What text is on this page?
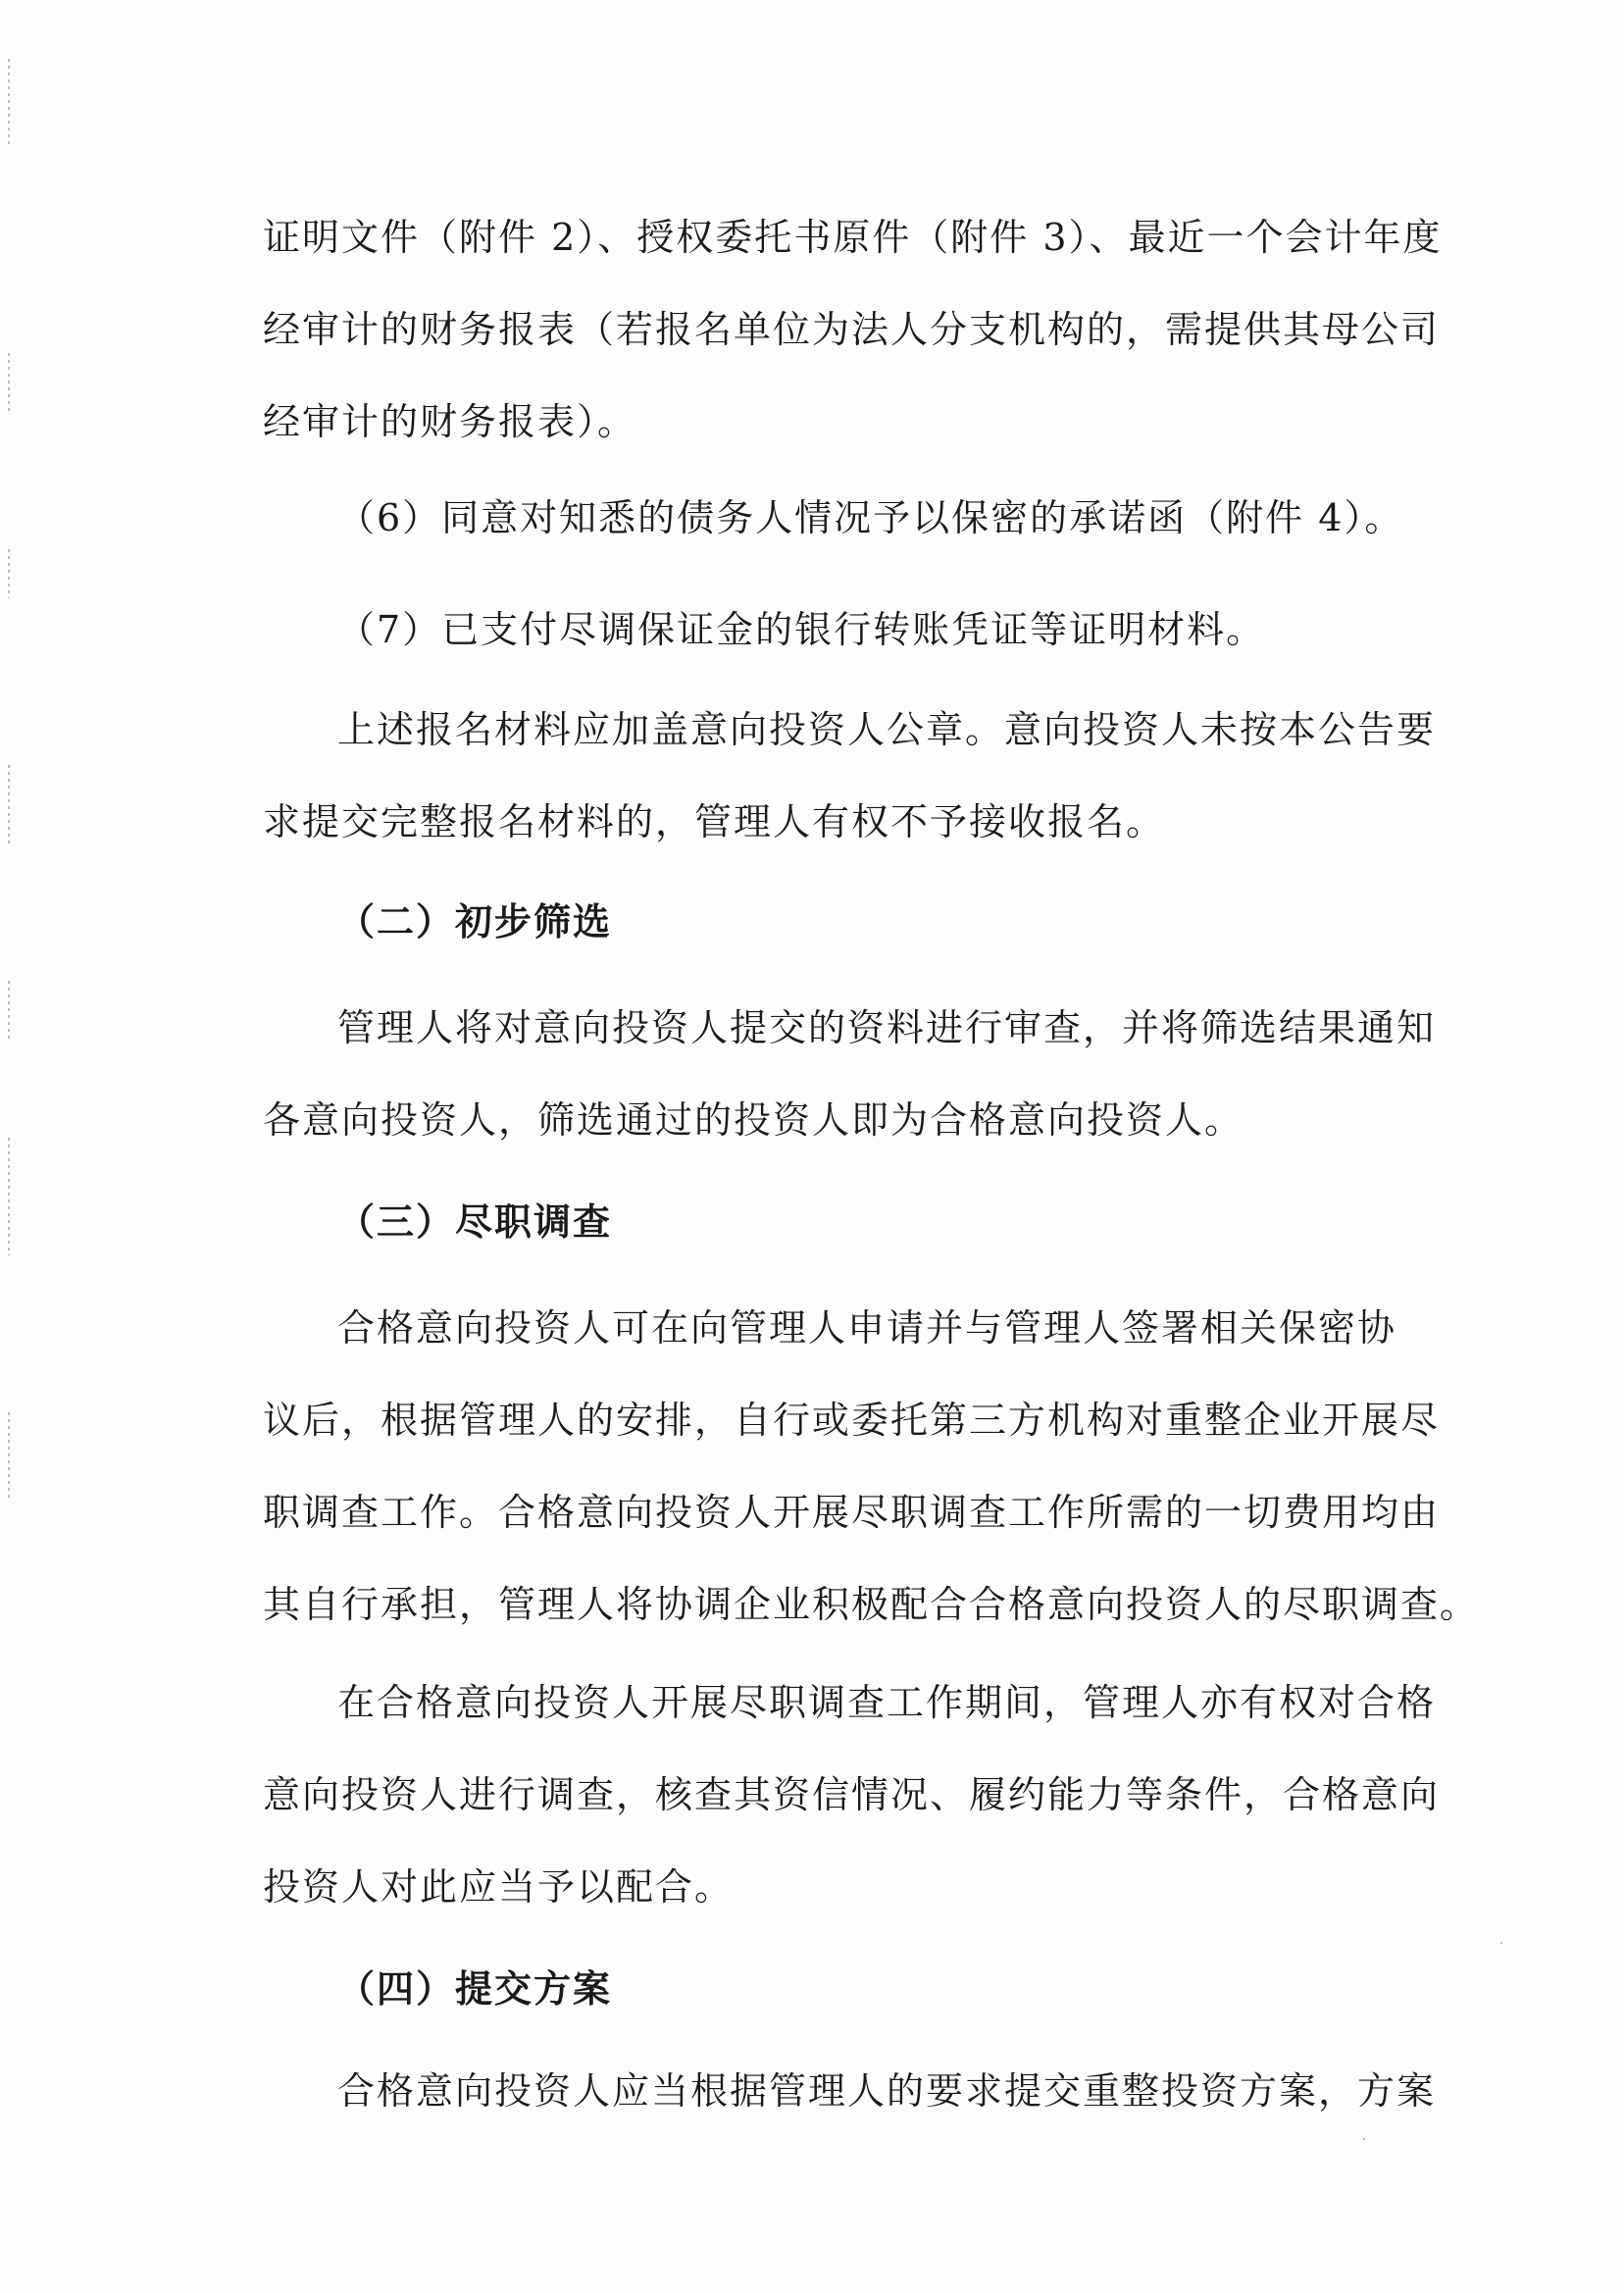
证明文件（附件 2）、授权委托书原件（附件 3）、最近一个会计年度
经审计的财务报表（若报名单位为法人分支机构的，需提供其母公司
经审计的财务报表）。
（6）同意对知悉的债务人情况予以保密的承诺函（附件 4）。
（7）已支付尽调保证金的银行转账凭证等证明材料。
上述报名材料应加盖意向投资人公章。意向投资人未按本公告要
求提交完整报名材料的，管理人有权不予接收报名。
（二）初步筛选
管理人将对意向投资人提交的资料进行审查，并将筛选结果通知
各意向投资人，筛选通过的投资人即为合格意向投资人。
（三）尽职调查
合格意向投资人可在向管理人申请并与管理人签署相关保密协
议后，根据管理人的安排，自行或委托第三方机构对重整企业开展尽
职调查工作。合格意向投资人开展尽职调查工作所需的一切费用均由
其自行承担，管理人将协调企业积极配合合格意向投资人的尽职调查。
在合格意向投资人开展尽职调查工作期间，管理人亦有权对合格
意向投资人进行调查，核查其资信情况、履约能力等条件，合格意向
投资人对此应当予以配合。
（四）提交方案
合格意向投资人应当根据管理人的要求提交重整投资方案，方案
